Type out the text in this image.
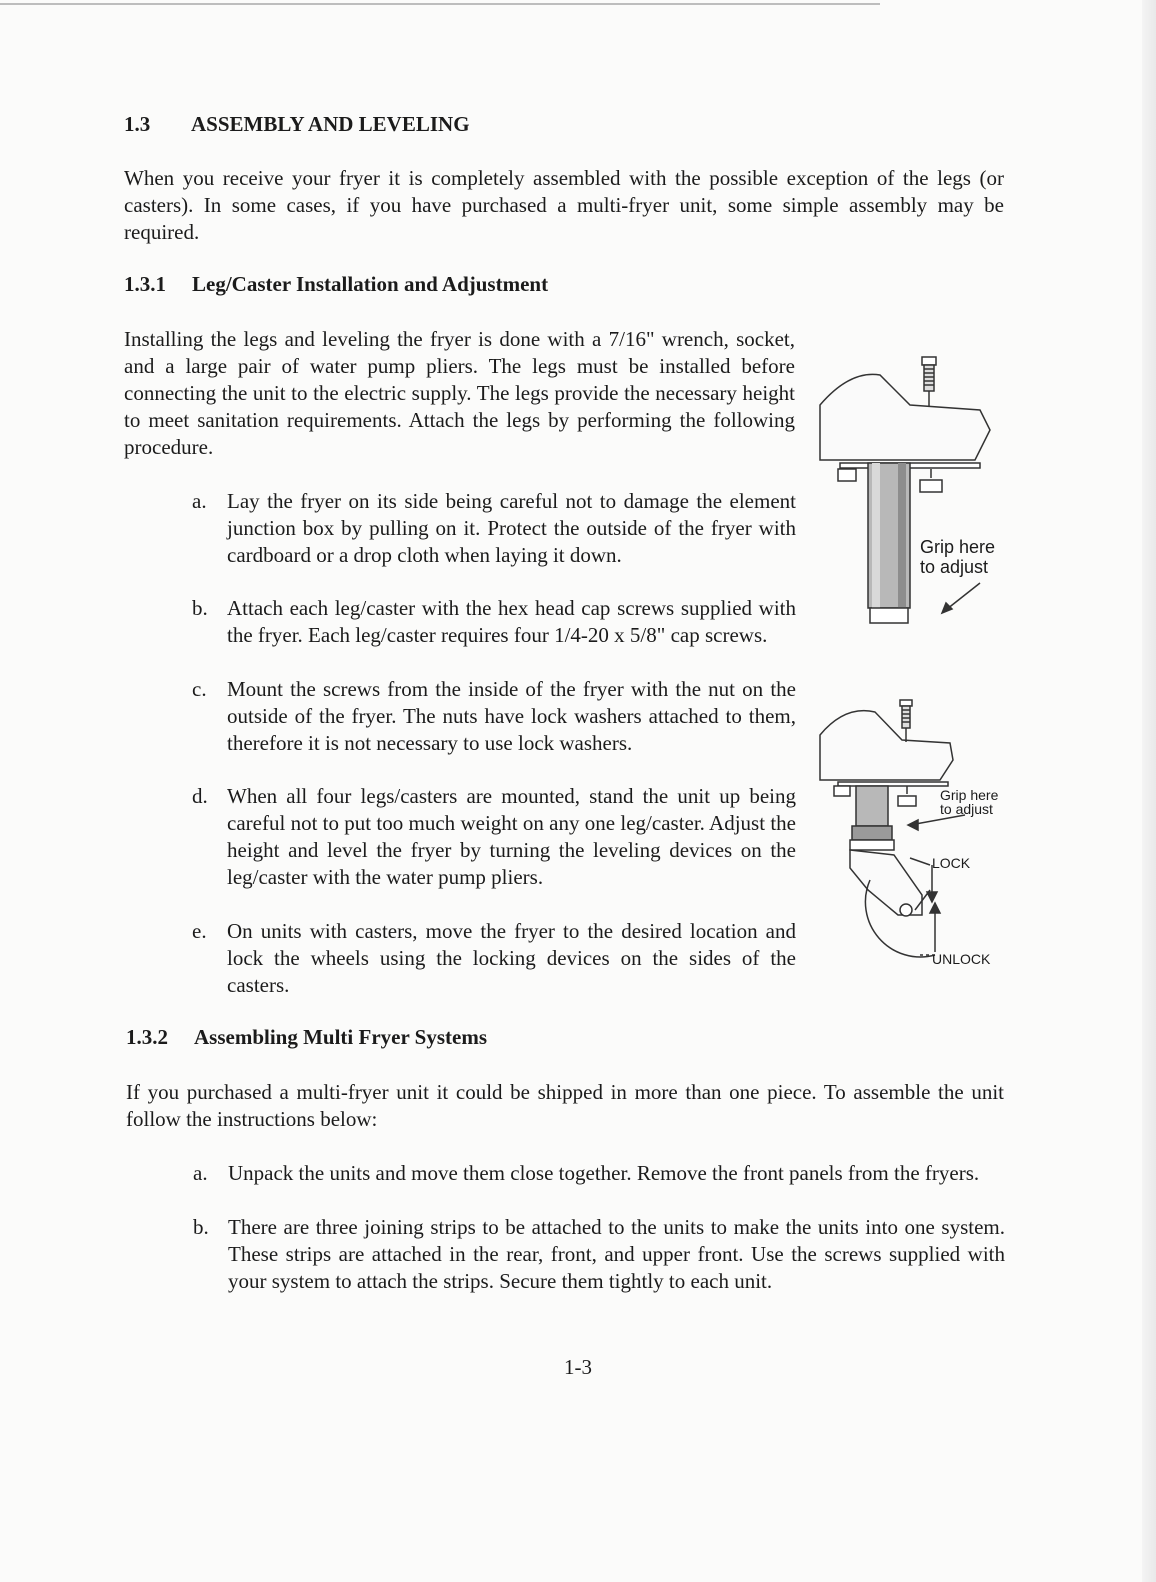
1.3 ASSEMBLY AND LEVELING
When you receive your fryer it is completely assembled with the possible exception of the legs (or casters). In some cases, if you have purchased a multi-fryer unit, some simple assembly may be required.
1.3.1 Leg/Caster Installation and Adjustment
Installing the legs and leveling the fryer is done with a 7/16" wrench, socket, and a large pair of water pump pliers. The legs must be installed before connecting the unit to the electric supply. The legs provide the necessary height to meet sanitation requirements. Attach the legs by performing the following procedure.
a. Lay the fryer on its side being careful not to damage the element junction box by pulling on it. Protect the outside of the fryer with cardboard or a drop cloth when laying it down.
b. Attach each leg/caster with the hex head cap screws supplied with the fryer. Each leg/caster requires four 1/4-20 x 5/8" cap screws.
c. Mount the screws from the inside of the fryer with the nut on the outside of the fryer. The nuts have lock washers attached to them, therefore it is not necessary to use lock washers.
d. When all four legs/casters are mounted, stand the unit up being careful not to put too much weight on any one leg/caster. Adjust the height and level the fryer by turning the leveling devices on the leg/caster with the water pump pliers.
e. On units with casters, move the fryer to the desired location and lock the wheels using the locking devices on the sides of the casters.
Grip here
to adjust
Grip here
to adjust
LOCK
UNLOCK
1.3.2 Assembling Multi Fryer Systems
If you purchased a multi-fryer unit it could be shipped in more than one piece. To assemble the unit follow the instructions below:
a. Unpack the units and move them close together. Remove the front panels from the fryers.
b. There are three joining strips to be attached to the units to make the units into one system. These strips are attached in the rear, front, and upper front. Use the screws supplied with your system to attach the strips. Secure them tightly to each unit.
1-3
